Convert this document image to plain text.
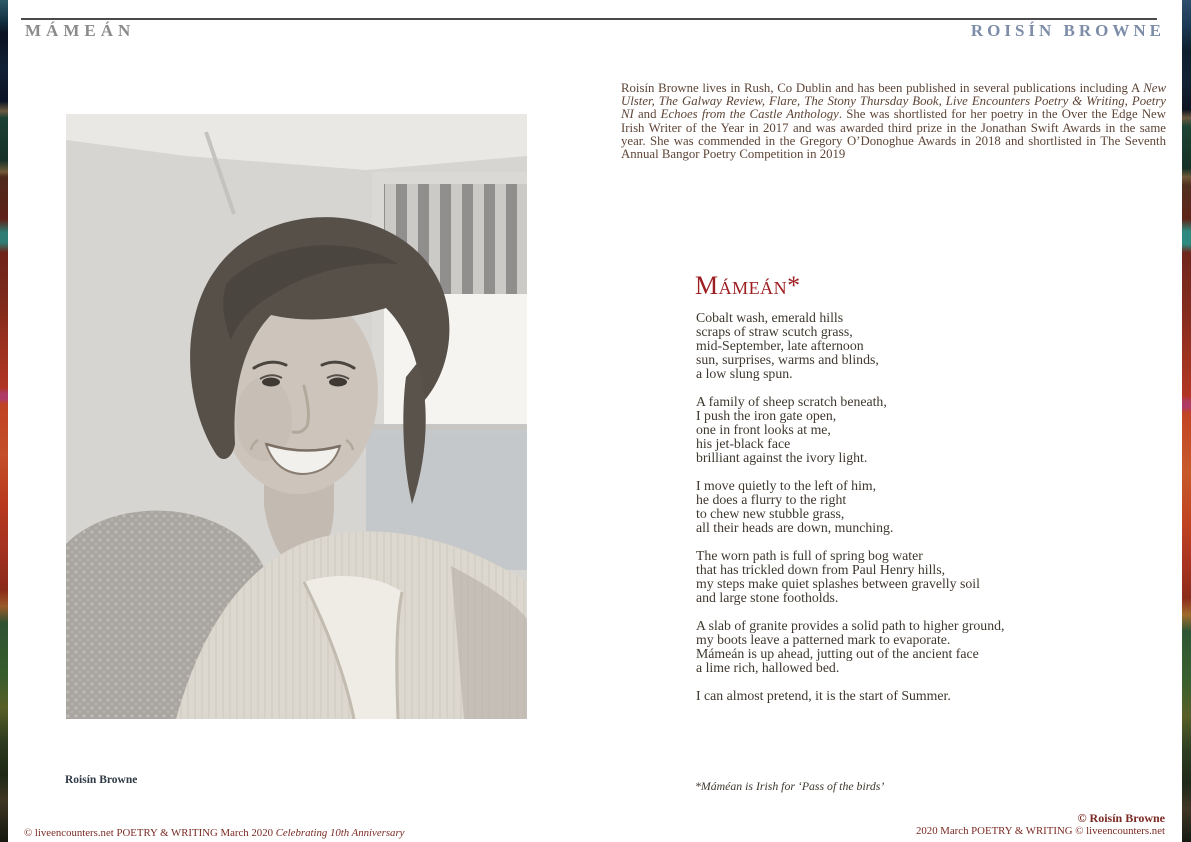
MÁMEÁN	ROISÍN BROWNE

Roisín Browne lives in Rush, Co Dublin and has been published in several publications including A New Ulster, The Galway Review, Flare, The Stony Thursday Book, Live Encounters Poetry & Writing, Poetry NI and Echoes from the Castle Anthology. She was shortlisted for her poetry in the Over the Edge New Irish Writer of the Year in 2017 and was awarded third prize in the Jonathan Swift Awards in the same year. She was commended in the Gregory O’Donoghue Awards in 2018 and shortlisted in The Seventh Annual Bangor Poetry Competition in 2019

Roisín Browne
Mámeán*
Cobalt wash, emerald hills
scraps of straw scutch grass,
mid-September, late afternoon
sun, surprises, warms and blinds,
a low slung spun.
A family of sheep scratch beneath,
I push the iron gate open,
one in front looks at me,
his jet-black face
brilliant against the ivory light.
I move quietly to the left of him,
he does a flurry to the right
to chew new stubble grass,
all their heads are down, munching.
The worn path is full of spring bog water
that has trickled down from Paul Henry hills,
my steps make quiet splashes between gravelly soil
and large stone footholds.
A slab of granite provides a solid path to higher ground,
my boots leave a patterned mark to evaporate.
Mámeán is up ahead, jutting out of the ancient face
a lime rich, hallowed bed.
I can almost pretend, it is the start of Summer.
*Máméan is Irish for ‘Pass of the birds’
© liveencounters.net POETRY & WRITING March 2020 Celebrating 10th Anniversary
© Roisín Browne
2020 March POETRY & WRITING © liveencounters.net
